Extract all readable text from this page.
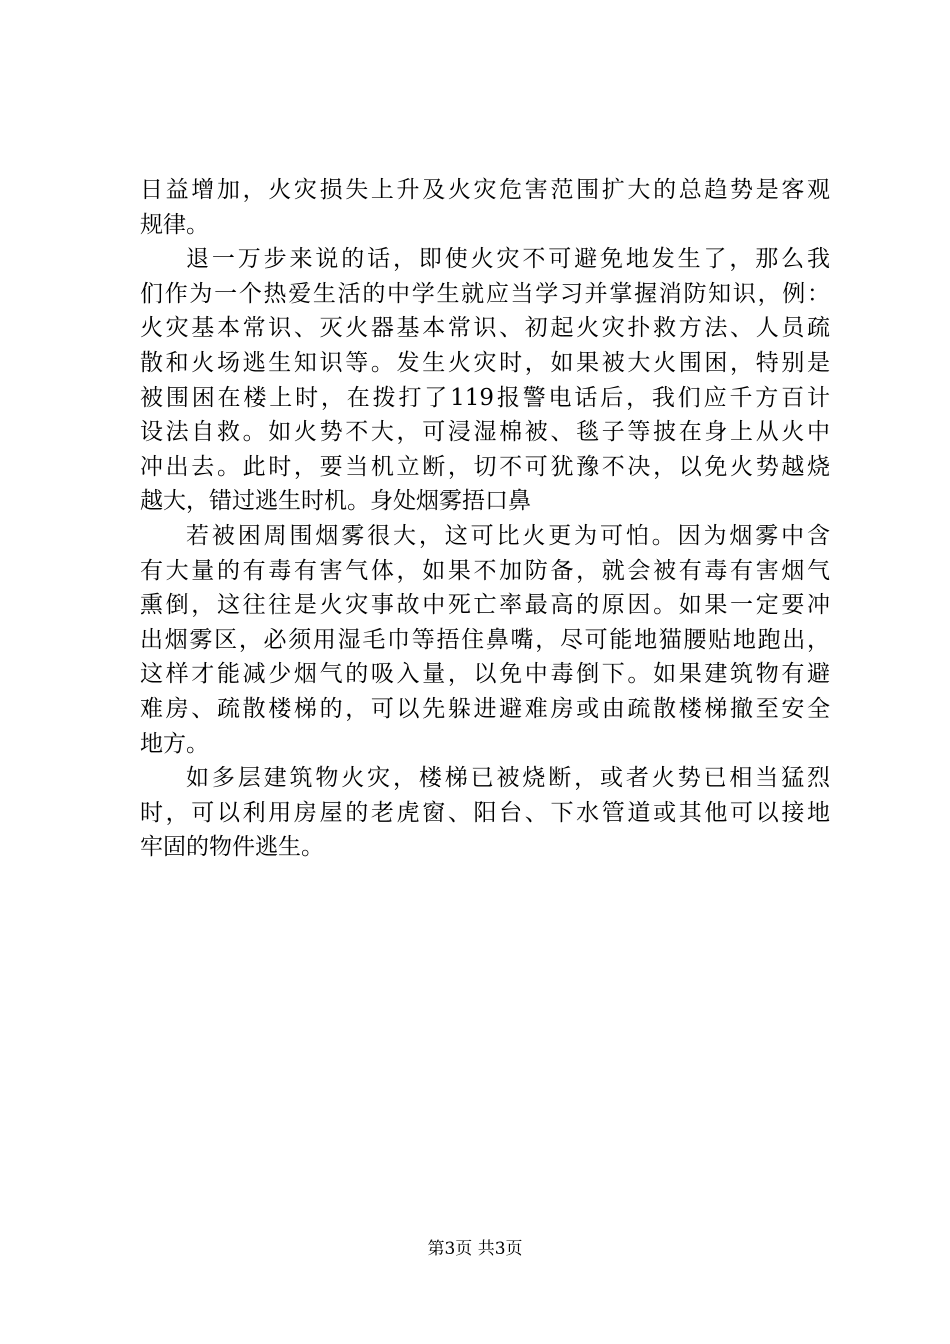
日益增加，火灾损失上升及火灾危害范围扩大的总趋势是客观
规律。
退一万步来说的话，即使火灾不可避免地发生了，那么我
们作为一个热爱生活的中学生就应当学习并掌握消防知识，例：
火灾基本常识、灭火器基本常识、初起火灾扑救方法、人员疏
散和火场逃生知识等。发生火灾时，如果被大火围困，特别是
被围困在楼上时，在拨打了119报警电话后，我们应千方百计
设法自救。如火势不大，可浸湿棉被、毯子等披在身上从火中
冲出去。此时，要当机立断，切不可犹豫不决，以免火势越烧
越大，错过逃生时机。身处烟雾捂口鼻
若被困周围烟雾很大，这可比火更为可怕。因为烟雾中含
有大量的有毒有害气体，如果不加防备，就会被有毒有害烟气
熏倒，这往往是火灾事故中死亡率最高的原因。如果一定要冲
出烟雾区，必须用湿毛巾等捂住鼻嘴，尽可能地猫腰贴地跑出，
这样才能减少烟气的吸入量，以免中毒倒下。如果建筑物有避
难房、疏散楼梯的，可以先躲进避难房或由疏散楼梯撤至安全
地方。
如多层建筑物火灾，楼梯已被烧断，或者火势已相当猛烈
时，可以利用房屋的老虎窗、阳台、下水管道或其他可以接地
牢固的物件逃生。
第3页 共3页
